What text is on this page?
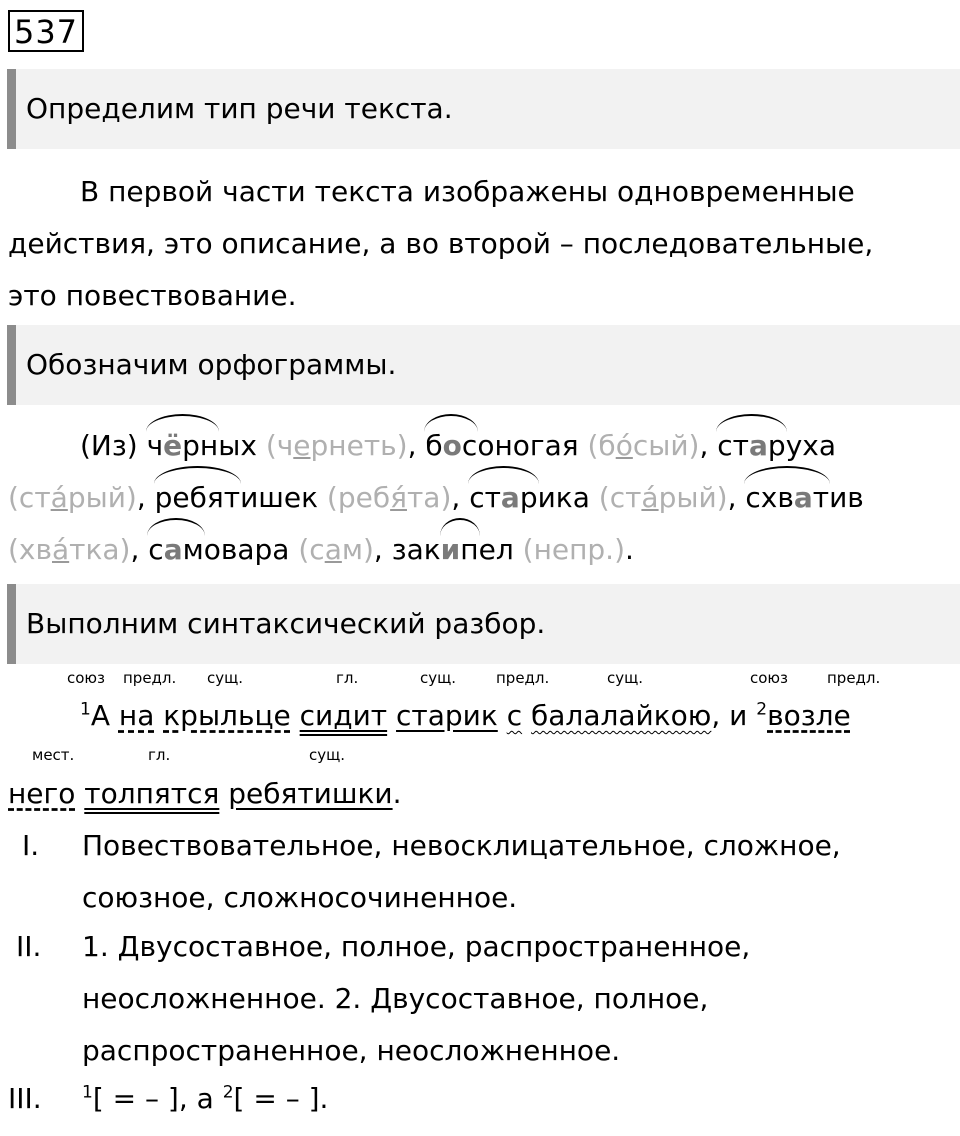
537
Определим тип речи текста.
В первой части текста изображены одновременные
действия, это описание, а во второй – последовательные,
это повествование.
Обозначим орфограммы.
(Из) чёрных (чернеть), босоногая (бо́сый), старуха
(ста́рый), ребятишек (ребя́та), старика (ста́рый), схватив
(хва́тка), самовара (сам), закипел (непр.).
Выполним синтаксический разбор.
союз предл. сущ.	гл.	сущ.	предл.	сущ.	союз	предл.
$^1$А на крыльце сидит старик с балалайкою, и $^2$возле
мест.	гл.	сущ.
него толпятся ребятишки.
I. Повествовательное, невосклицательное, сложное,
союзное, сложносочиненное.
II. 1. Двусоставное, полное, распространенное,
неосложненное. 2. Двусоставное, полное,
распространенное, неосложненное.
III. $^1$[ = – ], а $^2$[ = – ].
